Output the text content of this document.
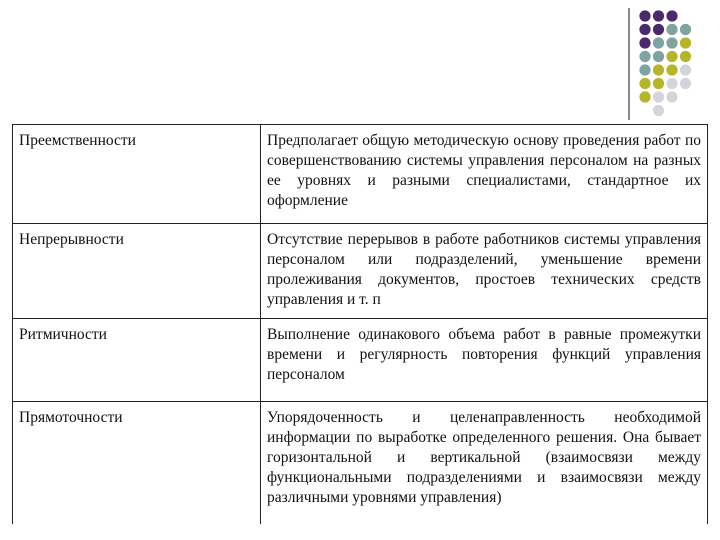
Преемственности	Предполагает общую методическую основу проведения работ по совершенствованию системы управления персоналом на разных ее уровнях и разными специалистами, стандартное их оформление
Непрерывности	Отсутствие перерывов в работе работников системы управления персоналом или подразделений, уменьшение времени пролеживания документов, простоев технических средств управления и т. п
Ритмичности	Выполнение одинакового объема работ в равные промежутки времени и регулярность повторения функций управления персоналом
Прямоточности	Упорядоченность и целенаправленность необходимой информации по выработке определенного решения. Она бывает горизонтальной и вертикальной (взаимосвязи между функциональными подразделениями и взаимосвязи между различными уровнями управления)
